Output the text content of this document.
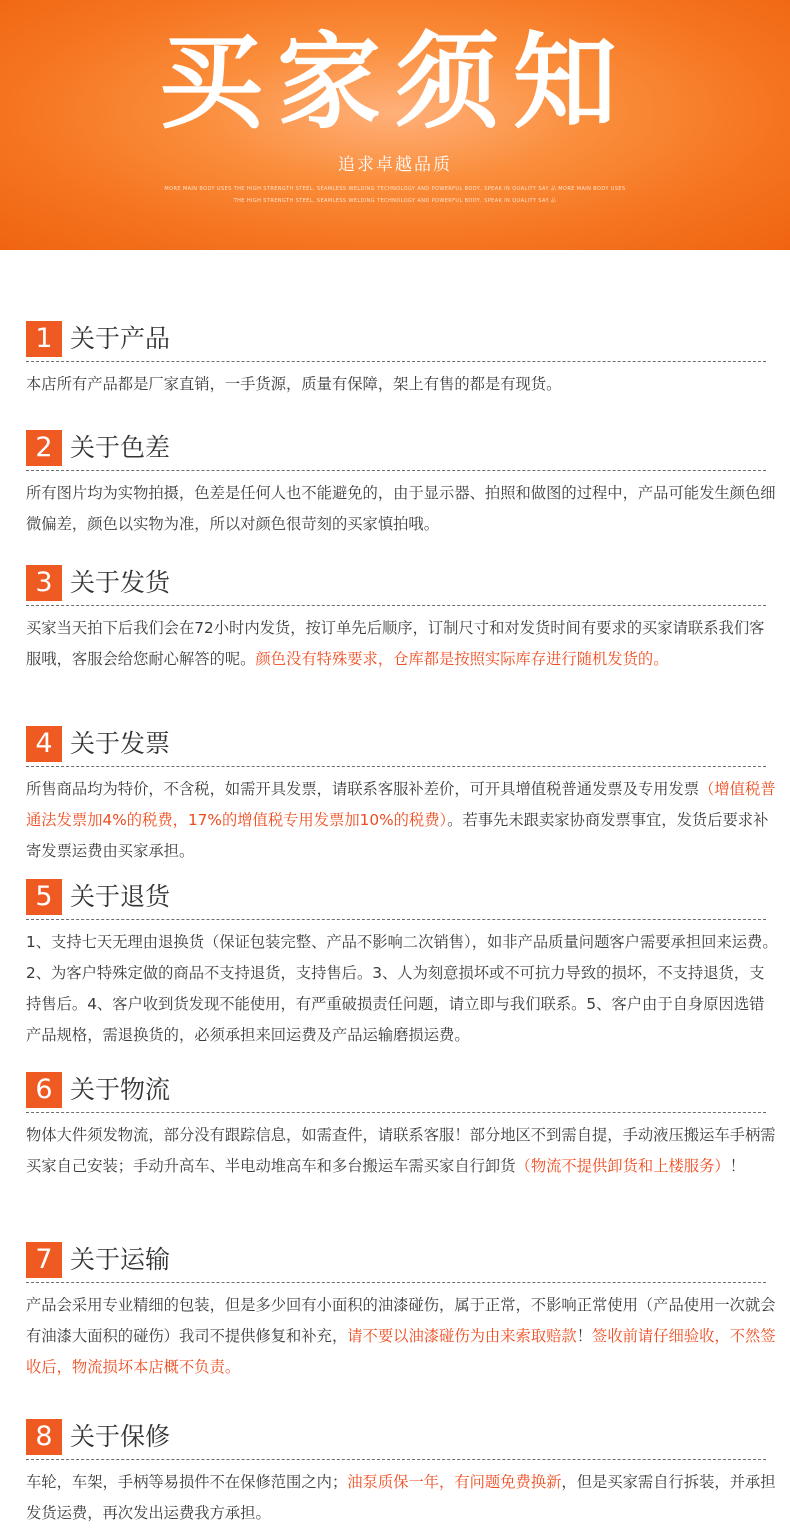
买家须知
追求卓越品质
MORE MAIN BODY USES THE HIGH STRENGTH STEEL, SEAMLESS WELDING TECHNOLOGY AND POWERFUL BODY, SPEAK IN QUALITY SAY 品 MORE MAIN BODY USES
THE HIGH STRENGTH STEEL, SEAMLESS WELDING TECHNOLOGY AND POWERFUL BODY, SPEAK IN QUALITY SAY 品
1 关于产品
本店所有产品都是厂家直销，一手货源，质量有保障，架上有售的都是有现货。
2 关于色差
所有图片均为实物拍摄，色差是任何人也不能避免的，由于显示器、拍照和做图的过程中，产品可能发生颜色细微偏差，颜色以实物为准，所以对颜色很苛刻的买家慎拍哦。
3 关于发货
买家当天拍下后我们会在72小时内发货，按订单先后顺序，订制尺寸和对发货时间有要求的买家请联系我们客服哦，客服会给您耐心解答的呢。颜色没有特殊要求，仓库都是按照实际库存进行随机发货的。
4 关于发票
所售商品均为特价，不含税，如需开具发票，请联系客服补差价，可开具增值税普通发票及专用发票（增值税普通法发票加4%的税费，17%的增值税专用发票加10%的税费）。若事先未跟卖家协商发票事宜，发货后要求补寄发票运费由买家承担。
5 关于退货
1、支持七天无理由退换货（保证包装完整、产品不影响二次销售），如非产品质量问题客户需要承担回来运费。2、为客户特殊定做的商品不支持退货，支持售后。3、人为刻意损坏或不可抗力导致的损坏，不支持退货，支持售后。4、客户收到货发现不能使用，有严重破损责任问题，请立即与我们联系。5、客户由于自身原因选错产品规格，需退换货的，必须承担来回运费及产品运输磨损运费。
6 关于物流
物体大件须发物流，部分没有跟踪信息，如需查件，请联系客服！部分地区不到需自提，手动液压搬运车手柄需买家自己安装；手动升高车、半电动堆高车和多台搬运车需买家自行卸货（物流不提供卸货和上楼服务）！
7 关于运输
产品会采用专业精细的包装，但是多少回有小面积的油漆碰伤，属于正常，不影响正常使用（产品使用一次就会有油漆大面积的碰伤）我司不提供修复和补充，请不要以油漆碰伤为由来索取赔款！签收前请仔细验收，不然签收后，物流损坏本店概不负责。
8 关于保修
车轮，车架，手柄等易损件不在保修范围之内；油泵质保一年，有问题免费换新，但是买家需自行拆装，并承担发货运费，再次发出运费我方承担。
